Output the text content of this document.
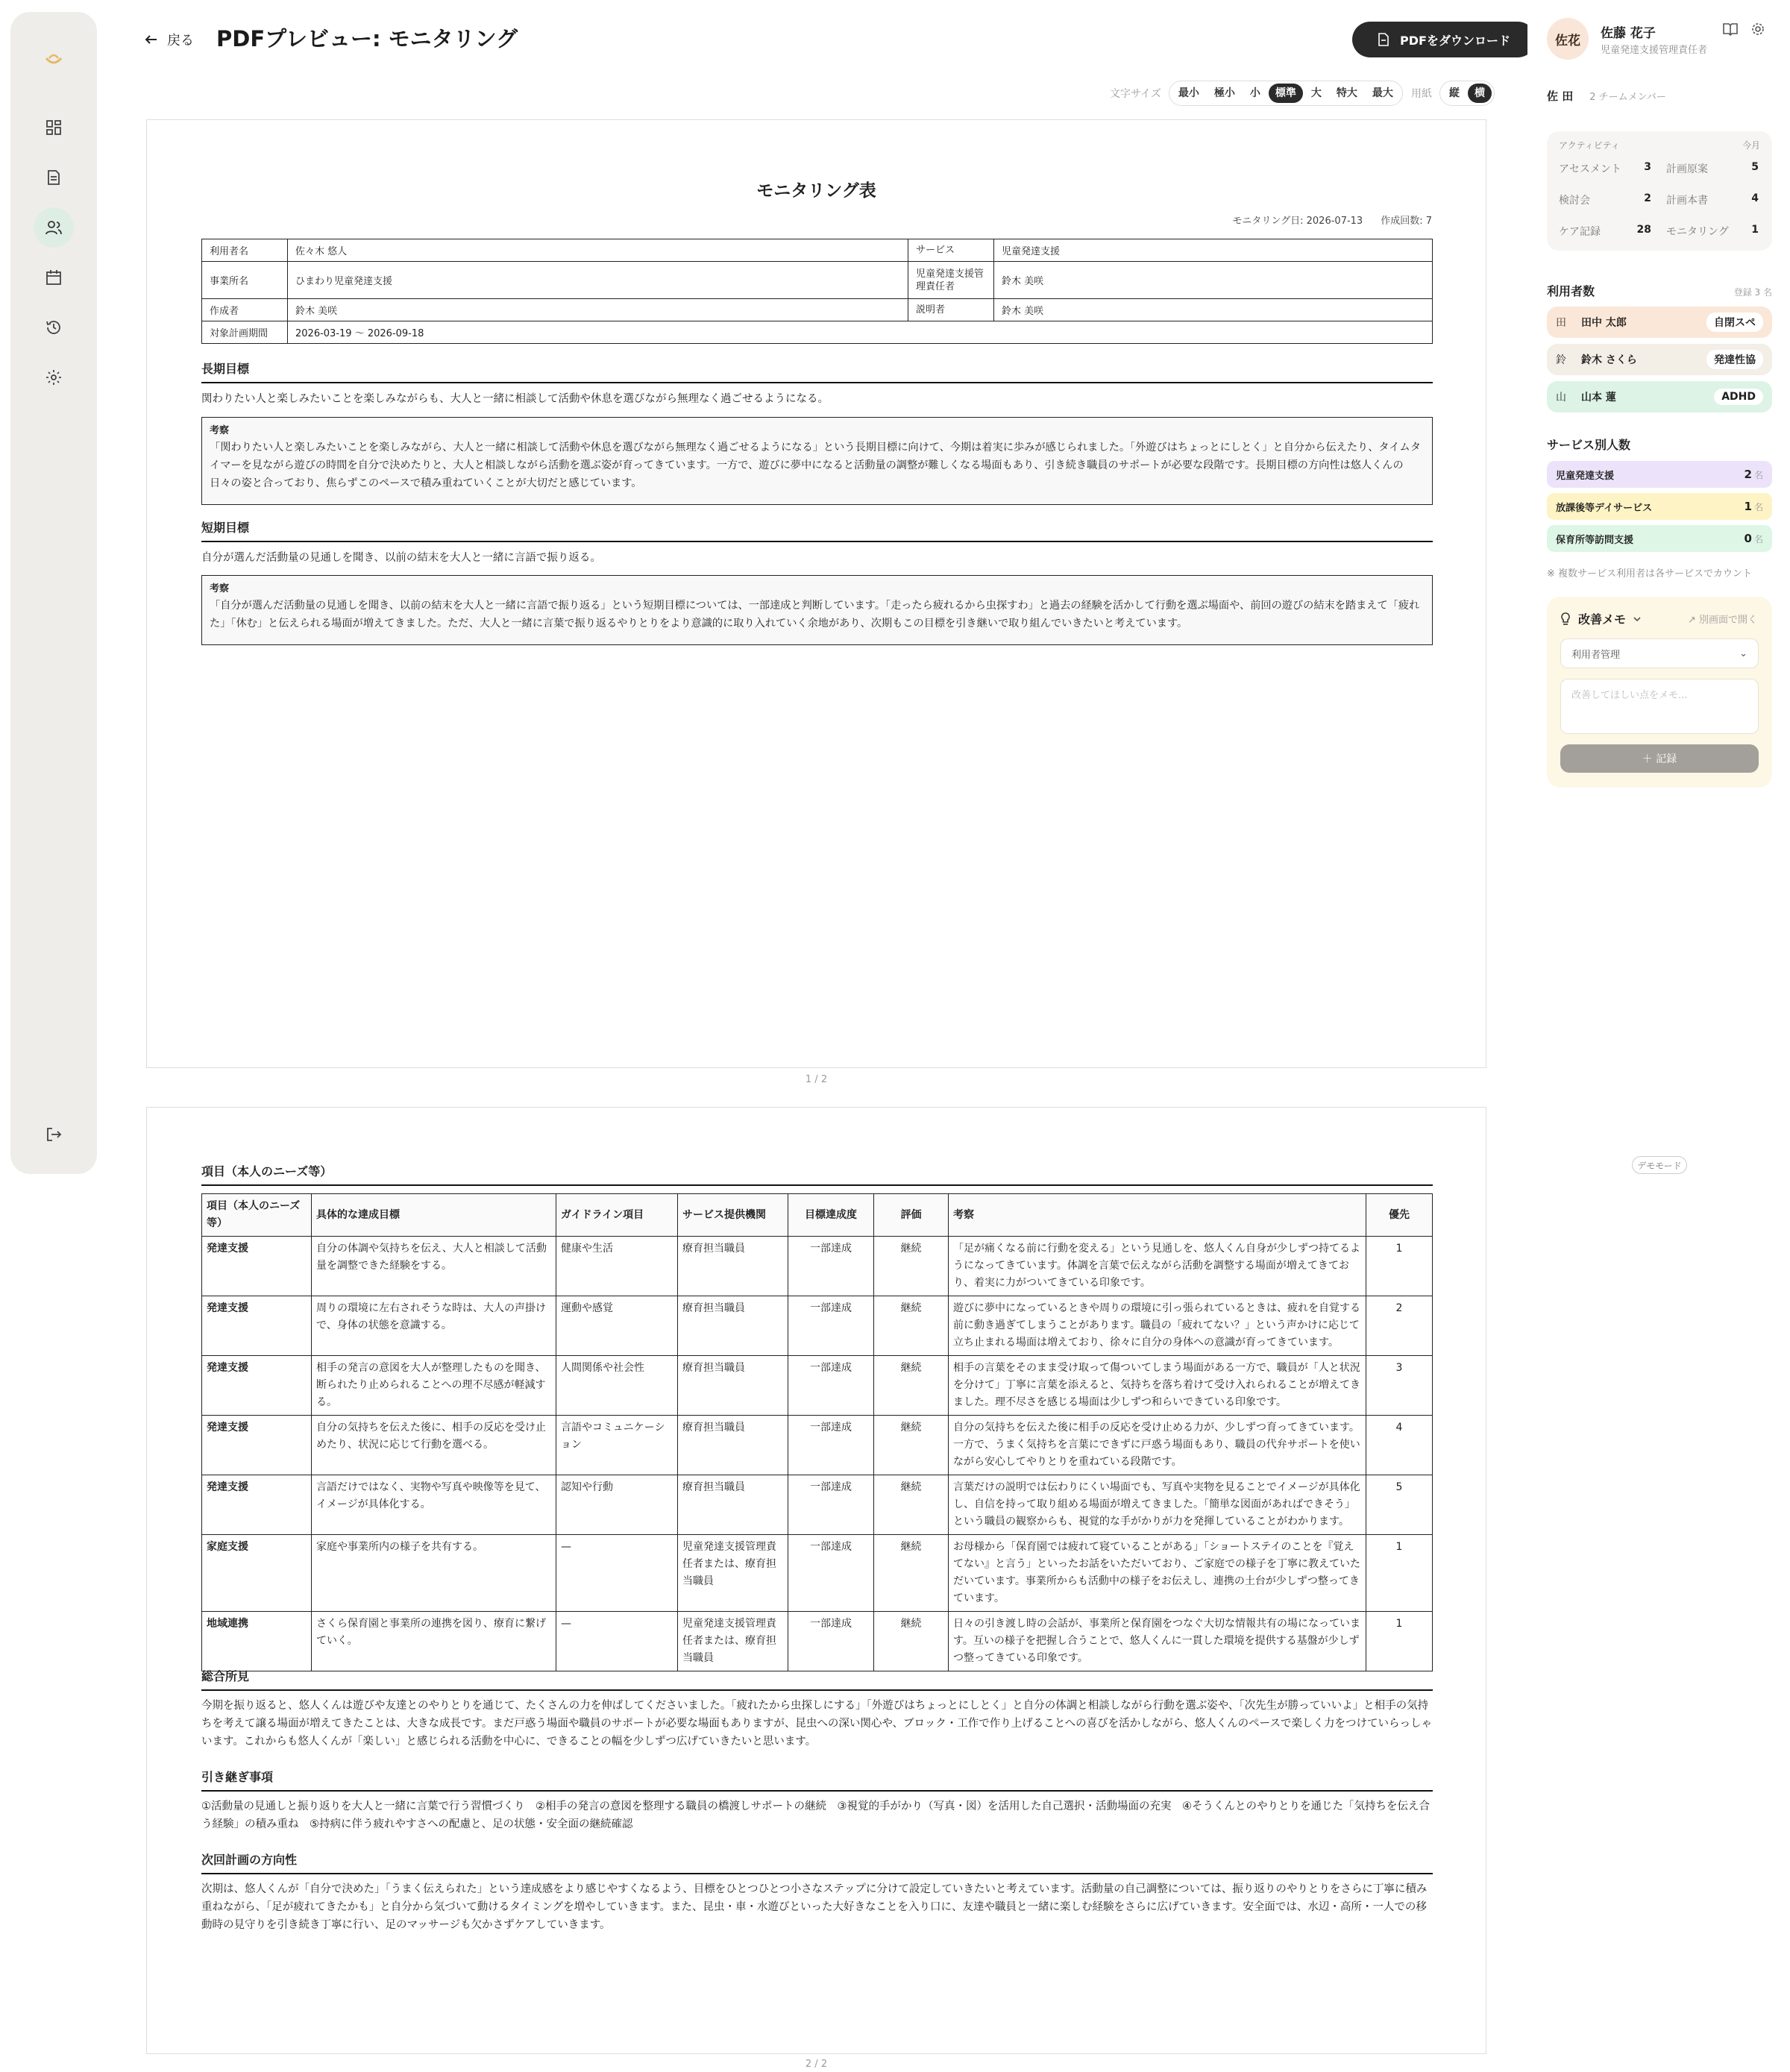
戻る PDFプレビュー: モニタリング	PDFをダウンロード
文字サイズ	最小	極小	小	標準	大	特大	最大	用紙	縦	横
モニタリング表
モニタリング日: 2026-07-13 作成回数: 7
利用者名	佐々木 悠人	サービス	児童発達支援
事業所名	ひまわり児童発達支援	児童発達支援管理責任者	鈴木 美咲
作成者	鈴木 美咲	説明者	鈴木 美咲
対象計画期間	2026-03-19 〜 2026-09-18		
長期目標
関わりたい人と楽しみたいことを楽しみながらも、大人と一緒に相談して活動や休息を選びながら無理なく過ごせるようになる。
考察
「関わりたい人と楽しみたいことを楽しみながら、大人と一緒に相談して活動や休息を選びながら無理なく過ごせるようになる」という長期目標に向けて、今期は着実に歩みが感じられました。「外遊びはちょっとにしとく」と自分から伝えたり、タイムタイマーを見ながら遊びの時間を自分で決めたりと、大人と相談しながら活動を選ぶ姿が育ってきています。一方で、遊びに夢中になると活動量の調整が難しくなる場面もあり、引き続き職員のサポートが必要な段階です。長期目標の方向性は悠人くんの日々の姿と合っており、焦らずこのペースで積み重ねていくことが大切だと感じています。
短期目標
自分が選んだ活動量の見通しを聞き、以前の結末を大人と一緒に言語で振り返る。
考察
「自分が選んだ活動量の見通しを聞き、以前の結末を大人と一緒に言語で振り返る」という短期目標については、一部達成と判断しています。「走ったら疲れるから虫探すわ」と過去の経験を活かして行動を選ぶ場面や、前回の遊びの結末を踏まえて「疲れた」「休む」と伝えられる場面が増えてきました。ただ、大人と一緒に言葉で振り返るやりとりをより意識的に取り入れていく余地があり、次期もこの目標を引き継いで取り組んでいきたいと考えています。
1 / 2
項目（本人のニーズ等）
項目（本人のニーズ等）	具体的な達成目標	ガイドライン項目	サービス提供機関	目標達成度	評価	考察	優先
発達支援	自分の体調や気持ちを伝え、大人と相談して活動量を調整できた経験をする。	健康や生活	療育担当職員	一部達成	継続	「足が痛くなる前に行動を変える」という見通しを、悠人くん自身が少しずつ持てるようになってきています。体調を言葉で伝えながら活動を調整する場面が増えてきており、着実に力がついてきている印象です。	1
発達支援	周りの環境に左右されそうな時は、大人の声掛けで、身体の状態を意識する。	運動や感覚	療育担当職員	一部達成	継続	遊びに夢中になっているときや周りの環境に引っ張られているときは、疲れを自覚する前に動き過ぎてしまうことがあります。職員の「疲れてない？」という声かけに応じて立ち止まれる場面は増えており、徐々に自分の身体への意識が育ってきています。	2
発達支援	相手の発言の意図を大人が整理したものを聞き、断られたり止められることへの理不尽感が軽減する。	人間関係や社会性	療育担当職員	一部達成	継続	相手の言葉をそのまま受け取って傷ついてしまう場面がある一方で、職員が「人と状況を分けて」丁寧に言葉を添えると、気持ちを落ち着けて受け入れられることが増えてきました。理不尽さを感じる場面は少しずつ和らいできている印象です。	3
発達支援	自分の気持ちを伝えた後に、相手の反応を受け止めたり、状況に応じて行動を選べる。	言語やコミュニケーション	療育担当職員	一部達成	継続	自分の気持ちを伝えた後に相手の反応を受け止める力が、少しずつ育ってきています。一方で、うまく気持ちを言葉にできずに戸惑う場面もあり、職員の代弁サポートを使いながら安心してやりとりを重ねている段階です。	4
発達支援	言語だけではなく、実物や写真や映像等を見て、イメージが具体化する。	認知や行動	療育担当職員	一部達成	継続	言葉だけの説明では伝わりにくい場面でも、写真や実物を見ることでイメージが具体化し、自信を持って取り組める場面が増えてきました。「簡単な図面があればできそう」という職員の観察からも、視覚的な手がかりが力を発揮していることがわかります。	5
家庭支援	家庭や事業所内の様子を共有する。	—	児童発達支援管理責任者または、療育担当職員	一部達成	継続	お母様から「保育園では疲れて寝ていることがある」「ショートステイのことを『覚えてない』と言う」といったお話をいただいており、ご家庭での様子を丁寧に教えていただいています。事業所からも活動中の様子をお伝えし、連携の土台が少しずつ整ってきています。	1
地域連携	さくら保育園と事業所の連携を図り、療育に繋げていく。	—	児童発達支援管理責任者または、療育担当職員	一部達成	継続	日々の引き渡し時の会話が、事業所と保育園をつなぐ大切な情報共有の場になっています。互いの様子を把握し合うことで、悠人くんに一貫した環境を提供する基盤が少しずつ整ってきている印象です。	1
総合所見
今期を振り返ると、悠人くんは遊びや友達とのやりとりを通じて、たくさんの力を伸ばしてくださいました。「疲れたから虫探しにする」「外遊びはちょっとにしとく」と自分の体調と相談しながら行動を選ぶ姿や、「次先生が勝っていいよ」と相手の気持ちを考えて譲る場面が増えてきたことは、大きな成長です。まだ戸惑う場面や職員のサポートが必要な場面もありますが、昆虫への深い関心や、ブロック・工作で作り上げることへの喜びを活かしながら、悠人くんのペースで楽しく力をつけていらっしゃいます。これからも悠人くんが「楽しい」と感じられる活動を中心に、できることの幅を少しずつ広げていきたいと思います。
引き継ぎ事項
①活動量の見通しと振り返りを大人と一緒に言葉で行う習慣づくり　②相手の発言の意図を整理する職員の橋渡しサポートの継続　③視覚的手がかり（写真・図）を活用した自己選択・活動場面の充実　④そうくんとのやりとりを通じた「気持ちを伝え合う経験」の積み重ね　⑤持病に伴う疲れやすさへの配慮と、足の状態・安全面の継続確認
次回計画の方向性
次期は、悠人くんが「自分で決めた」「うまく伝えられた」という達成感をより感じやすくなるよう、目標をひとつひとつ小さなステップに分けて設定していきたいと考えています。活動量の自己調整については、振り返りのやりとりをさらに丁寧に積み重ねながら、「足が疲れてきたかも」と自分から気づいて動けるタイミングを増やしていきます。また、昆虫・車・水遊びといった大好きなことを入り口に、友達や職員と一緒に楽しむ経験をさらに広げていきます。安全面では、水辺・高所・一人での移動時の見守りを引き続き丁寧に行い、足のマッサージも欠かさずケアしていきます。
2 / 2
佐花	佐藤 花子
児童発達支援管理責任者
佐 田 2 チームメンバー
アクティビティ	今月
アセスメント 3 計画原案	5
検討会	2 計画本書	4
ケア記録	28 モニタリング 1
利用者数	登録 3 名
田	田中 太郎	自閉スペ
鈴	鈴木 さくら	発達性協
山	山本 蓮	ADHD
サービス別人数
児童発達支援	2 名
放課後等デイサービス	1 名
保育所等訪問支援	0 名
※ 複数サービス利用者は各サービスでカウント
改善メモ	↗ 別画面で開く
利用者管理	⌄
改善してほしい点をメモ...
＋ 記録
デモモード
